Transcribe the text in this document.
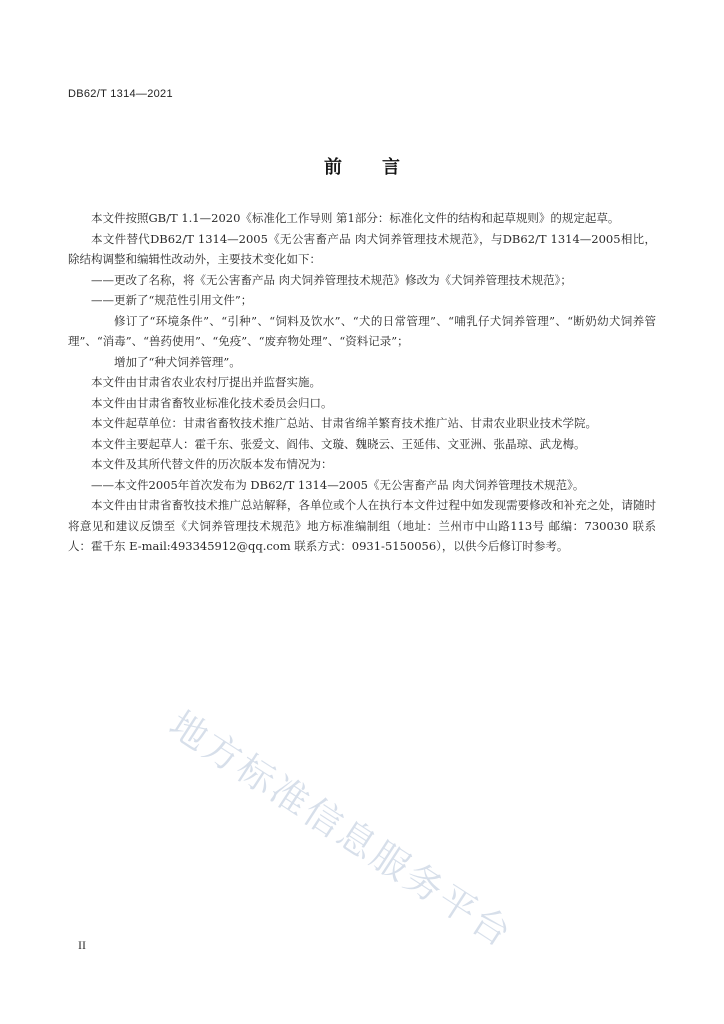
DB62/T 1314—2021
前言

本文件按照GB/T 1.1—2020《标准化工作导则 第1部分：标准化文件的结构和起草规则》的规定起草。

本文件替代DB62/T 1314—2005《无公害畜产品 肉犬饲养管理技术规范》，与DB62/T 1314—2005相比，除结构调整和编辑性改动外，主要技术变化如下：

——更改了名称，将《无公害畜产品 肉犬饲养管理技术规范》修改为《犬饲养管理技术规范》；

——更新了“规范性引用文件”；

修订了“环境条件”、“引种”、“饲料及饮水”、“犬的日常管理”、“哺乳仔犬饲养管理”、“断奶幼犬饲养管理”、“消毒”、“兽药使用”、“免疫”、“废弃物处理”、“资料记录”；

增加了“种犬饲养管理”。

本文件由甘肃省农业农村厅提出并监督实施。

本文件由甘肃省畜牧业标准化技术委员会归口。

本文件起草单位：甘肃省畜牧技术推广总站、甘肃省绵羊繁育技术推广站、甘肃农业职业技术学院。

本文件主要起草人：霍千东、张爱文、阎伟、文璇、魏晓云、王延伟、文亚洲、张晶琼、武龙梅。

本文件及其所代替文件的历次版本发布情况为：

——本文件2005年首次发布为 DB62/T 1314—2005《无公害畜产品 肉犬饲养管理技术规范》。

本文件由甘肃省畜牧技术推广总站解释，各单位或个人在执行本文件过程中如发现需要修改和补充之处，请随时将意见和建议反馈至《犬饲养管理技术规范》地方标准编制组（地址：兰州市中山路113号 邮编：730030 联系人：霍千东 E-mail:493345912@qq.com 联系方式：0931-5150056），以供今后修订时参考。

地方标准信息服务平台
II
